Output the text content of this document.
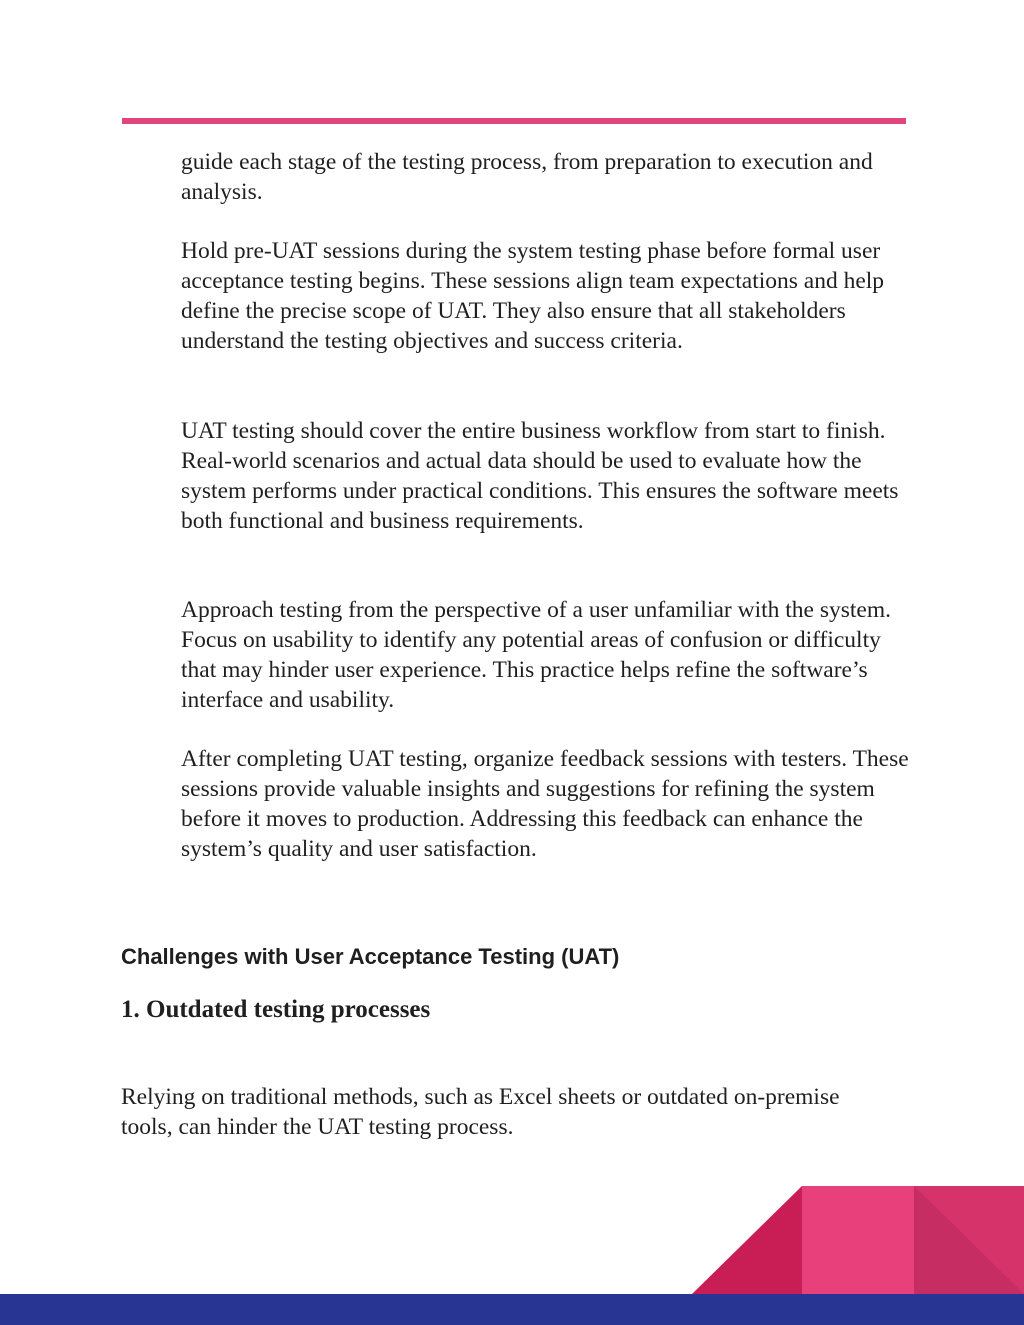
guide each stage of the testing process, from preparation to execution and analysis.

Hold pre-UAT sessions during the system testing phase before formal user acceptance testing begins. These sessions align team expectations and help define the precise scope of UAT. They also ensure that all stakeholders understand the testing objectives and success criteria.

UAT testing should cover the entire business workflow from start to finish. Real-world scenarios and actual data should be used to evaluate how the system performs under practical conditions. This ensures the software meets both functional and business requirements.

Approach testing from the perspective of a user unfamiliar with the system. Focus on usability to identify any potential areas of confusion or difficulty that may hinder user experience. This practice helps refine the software’s interface and usability.

After completing UAT testing, organize feedback sessions with testers. These sessions provide valuable insights and suggestions for refining the system before it moves to production. Addressing this feedback can enhance the system’s quality and user satisfaction.

Challenges with User Acceptance Testing (UAT)
1. Outdated testing processes

Relying on traditional methods, such as Excel sheets or outdated on-premise tools, can hinder the UAT testing process.
